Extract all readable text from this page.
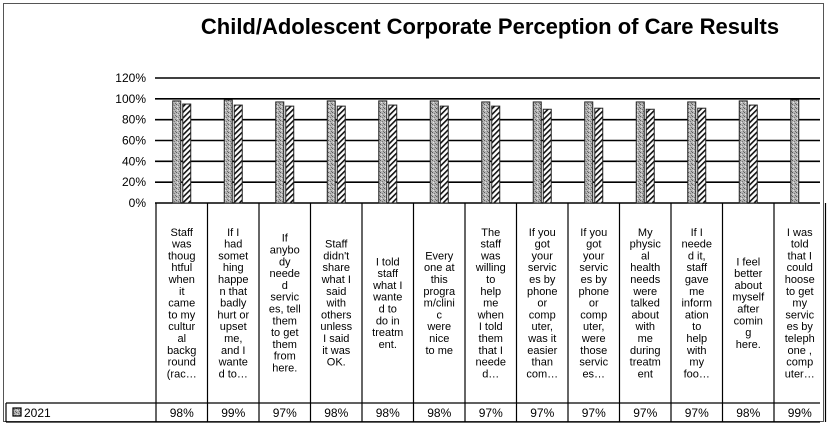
Child/Adolescent Corporate Perception of Care Results
0%
20%
40%
60%
80%
100%
120%
Staff was thoug htful when it came to my cultur al backg round (rac…
98%
If I had somet hing happe n that badly hurt or upset me, and I wante d to…
99%
If anybo dy neede d servic es, tell them to get them from here.
97%
Staff didn't share what I said with others unless I said it was OK.
98%
I told staff what I wante d to do in treatm ent.
98%
Every one at this progra m/clini c were nice to me
98%
The staff was willing to help me when I told them that I neede d…
97%
If you got your servic es by phone or comp uter, was it easier than com…
97%
If you got your servic es by phone or comp uter, were those servic es…
97%
My physic al health needs were talked about with me during treatm ent
97%
If I neede d it, staff gave me inform ation to help with my foo…
97%
I feel better about myself after comin g here.
98%
I was told that I could hoose to get my servic es by teleph one , comp uter…
99%
2021
